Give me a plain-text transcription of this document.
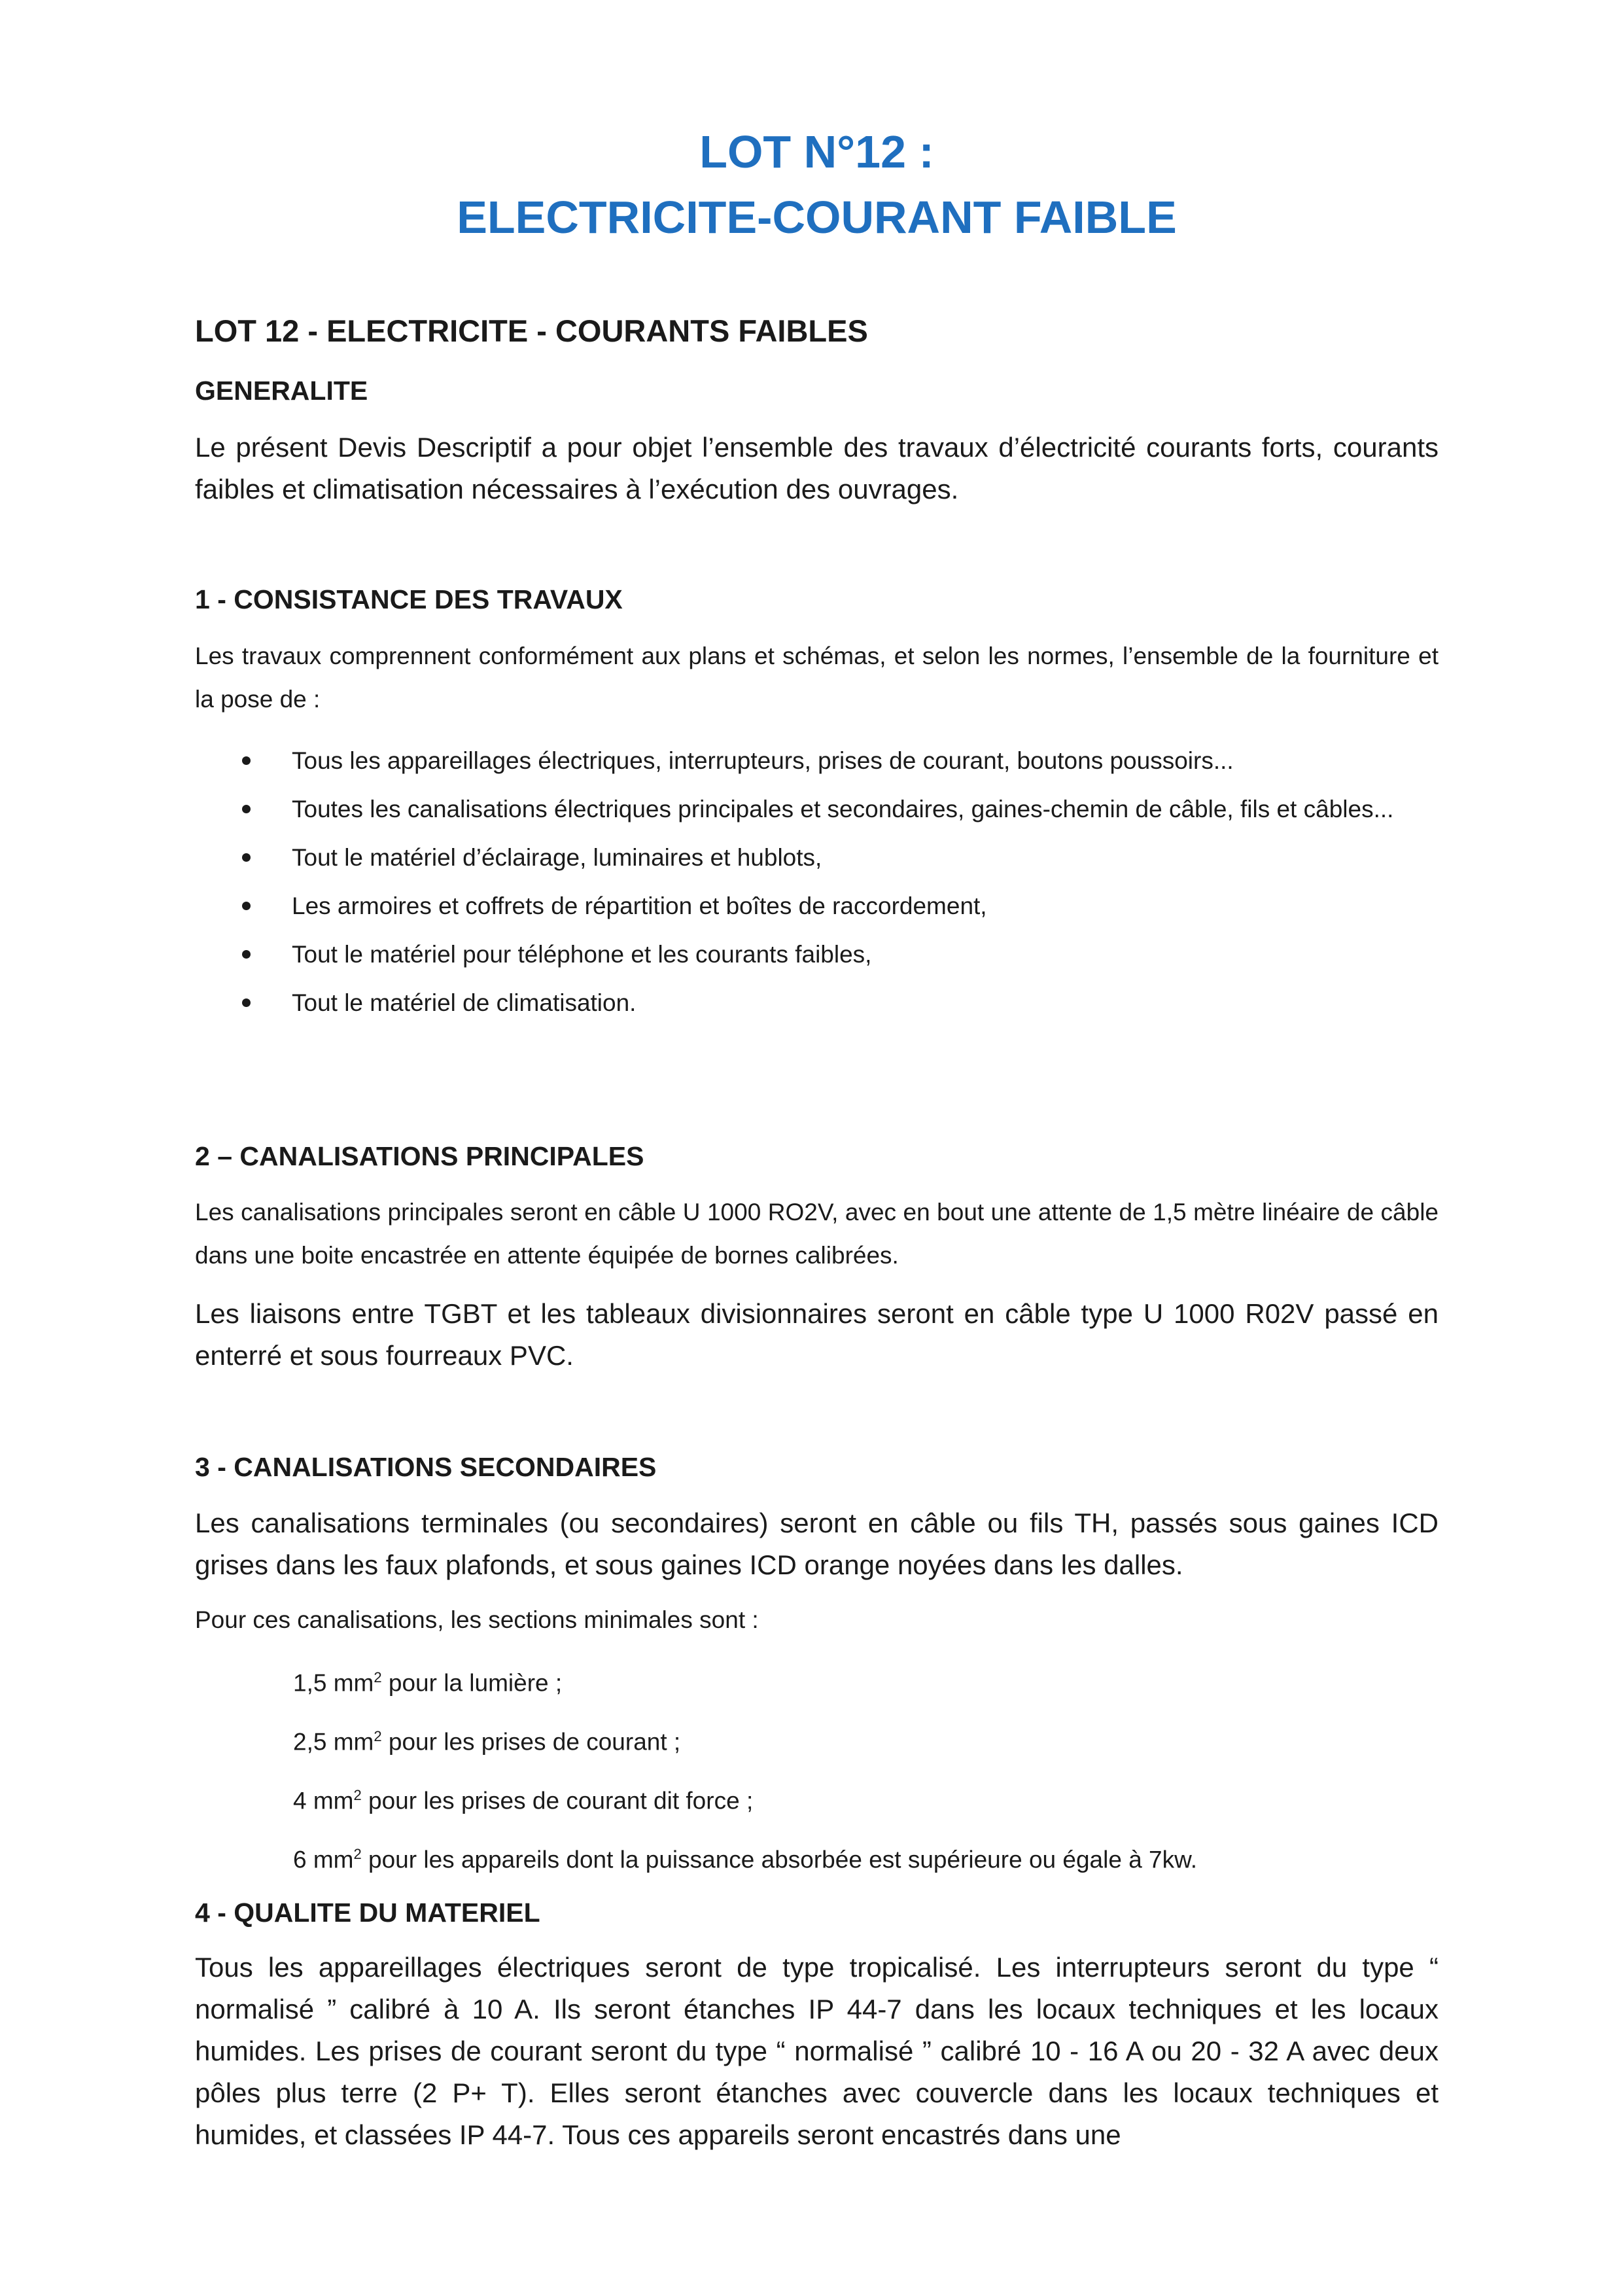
LOT N°12 :
ELECTRICITE-COURANT FAIBLE
LOT 12 - ELECTRICITE - COURANTS FAIBLES
GENERALITE

Le présent Devis Descriptif a pour objet l’ensemble des travaux d’électricité courants forts, courants faibles et climatisation nécessaires à l’exécution des ouvrages.

1 - CONSISTANCE DES TRAVAUX

Les travaux comprennent conformément aux plans et schémas, et selon les normes, l’ensemble de la fourniture et la pose de :

Tous les appareillages électriques, interrupteurs, prises de courant, boutons poussoirs...
Toutes les canalisations électriques principales et secondaires, gaines-chemin de câble, fils et câbles...
Tout le matériel d’éclairage, luminaires et hublots,
Les armoires et coffrets de répartition et boîtes de raccordement,
Tout le matériel pour téléphone et les courants faibles,
Tout le matériel de climatisation.
2 – CANALISATIONS PRINCIPALES

Les canalisations principales seront en câble U 1000 RO2V, avec en bout une attente de 1,5 mètre linéaire de câble dans une boite encastrée en attente équipée de bornes calibrées.

Les liaisons entre TGBT et les tableaux divisionnaires seront en câble type U 1000 R02V passé en enterré et sous fourreaux PVC.

3 - CANALISATIONS SECONDAIRES

Les canalisations terminales (ou secondaires) seront en câble ou fils TH, passés sous gaines ICD grises dans les faux plafonds, et sous gaines ICD orange noyées dans les dalles.

Pour ces canalisations, les sections minimales sont :

1,5 $mm^2$ pour la lumière ;
2,5 $mm^2$ pour les prises de courant ;
4 $mm^2$ pour les prises de courant dit force ;
6 $mm^2$ pour les appareils dont la puissance absorbée est supérieure ou égale à 7kw.
4 - QUALITE DU MATERIEL

Tous les appareillages électriques seront de type tropicalisé. Les interrupteurs seront du type “ normalisé ” calibré à 10 A. Ils seront étanches IP 44-7 dans les locaux techniques et les locaux humides. Les prises de courant seront du type “ normalisé ” calibré 10 - 16 A ou 20 - 32 A avec deux pôles plus terre (2 P+ T). Elles seront étanches avec couvercle dans les locaux techniques et humides, et classées IP 44-7. Tous ces appareils seront encastrés dans une
